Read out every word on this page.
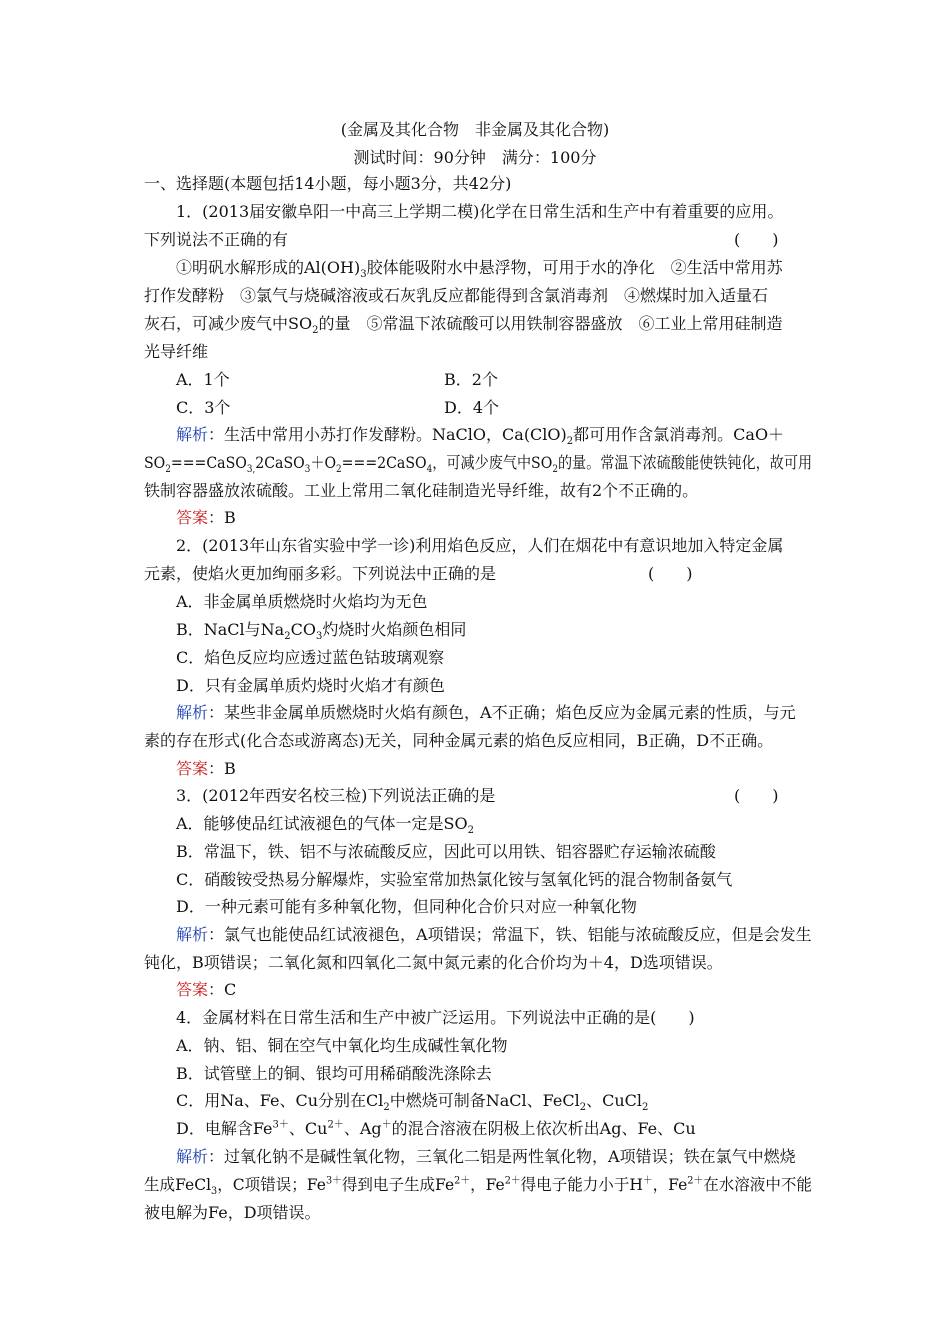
(金属及其化合物　非金属及其化合物)
测试时间：90分钟　满分：100分
一、选择题(本题包括14小题，每小题3分，共42分)
1．(2013届安徽阜阳一中高三上学期二模)化学在日常生活和生产中有着重要的应用。
下列说法不正确的有	(　　)
①明矾水解形成的$Al(OH)_3$胶体能吸附水中悬浮物，可用于水的净化　②生活中常用苏
打作发酵粉　③氯气与烧碱溶液或石灰乳反应都能得到含氯消毒剂　④燃煤时加入适量石
灰石，可减少废气中$SO_2$的量　⑤常温下浓硫酸可以用铁制容器盛放　⑥工业上常用硅制造
光导纤维
A．1个	B．2个
C．3个	D．4个
解析：生活中常用小苏打作发酵粉。NaClO，$Ca(ClO)_2$都可用作含氯消毒剂。CaO＋
$SO_2===CaSO_{3,}2CaSO_3+O_2===2CaSO_4$，可减少废气中$SO_2$的量。常温下浓硫酸能使铁钝化，故可用
铁制容器盛放浓硫酸。工业上常用二氧化硅制造光导纤维，故有2个不正确的。
答案：B
2．(2013年山东省实验中学一诊)利用焰色反应，人们在烟花中有意识地加入特定金属
元素，使焰火更加绚丽多彩。下列说法中正确的是	(　　)
A．非金属单质燃烧时火焰均为无色
B．NaCl与$Na_2CO_3$灼烧时火焰颜色相同
C．焰色反应均应透过蓝色钴玻璃观察
D．只有金属单质灼烧时火焰才有颜色
解析：某些非金属单质燃烧时火焰有颜色，A不正确；焰色反应为金属元素的性质，与元
素的存在形式(化合态或游离态)无关，同种金属元素的焰色反应相同，B正确，D不正确。
答案：B
3．(2012年西安名校三检)下列说法正确的是	(　　)
A．能够使品红试液褪色的气体一定是$SO_2$
B．常温下，铁、铝不与浓硫酸反应，因此可以用铁、铝容器贮存运输浓硫酸
C．硝酸铵受热易分解爆炸，实验室常加热氯化铵与氢氧化钙的混合物制备氨气
D．一种元素可能有多种氧化物，但同种化合价只对应一种氧化物
解析：氯气也能使品红试液褪色，A项错误；常温下，铁、铝能与浓硫酸反应，但是会发生
钝化，B项错误；二氧化氮和四氧化二氮中氮元素的化合价均为＋4，D选项错误。
答案：C
4．金属材料在日常生活和生产中被广泛运用。下列说法中正确的是(　　)
A．钠、铝、铜在空气中氧化均生成碱性氧化物
B．试管壁上的铜、银均可用稀硝酸洗涤除去
C．用Na、Fe、Cu分别在$Cl_2$中燃烧可制备NaCl、FeCl$_2$、CuCl$_2$
D．电解含$Fe^{3+}$、$Cu^{2+}$、Ag＋的混合溶液在阴极上依次析出Ag、Fe、Cu
解析：过氧化钠不是碱性氧化物，三氧化二铝是两性氧化物，A项错误；铁在氯气中燃烧
生成FeCl$_3$，C项错误；$Fe^{3+}$得到电子生成$Fe^{2+}$，$Fe^{2+}$得电子能力小于H＋，$Fe^{2+}$在水溶液中不能
被电解为Fe，D项错误。
